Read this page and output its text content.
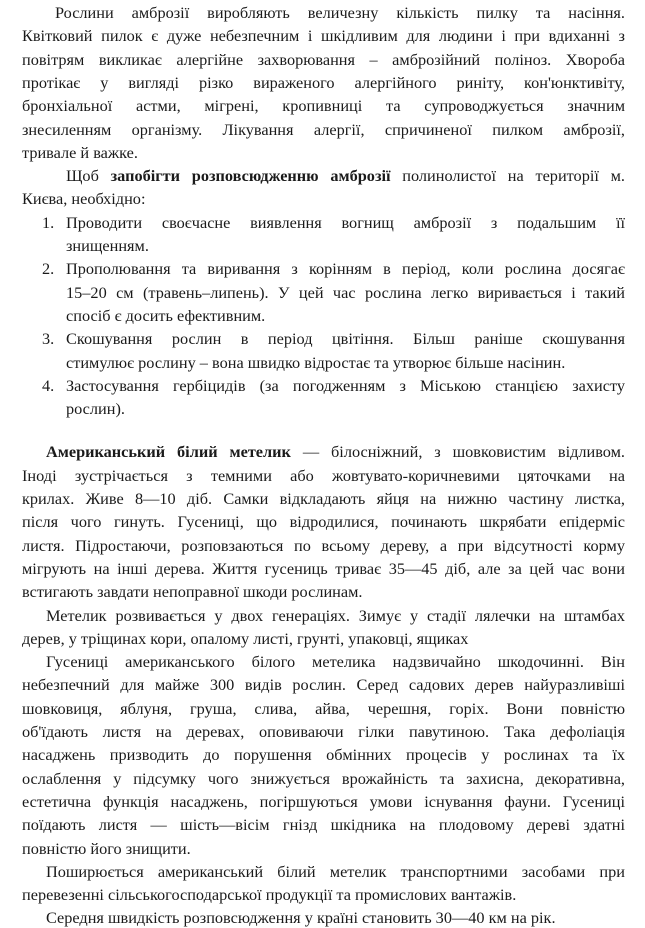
Рослини амброзії виробляють величезну кількість пилку та насіння.
Квітковий пилок є дуже небезпечним і шкідливим для людини і при вдиханні з
повітрям викликає алергійне захворювання – амброзійний поліноз. Хвороба
протікає у вигляді різко вираженого алергійного риніту, кон'юнктивіту,
бронхіальної астми, мігрені, кропивниці та супроводжується значним
знесиленням організму. Лікування алергії, спричиненої пилком амброзії,
тривале й важке.
Щоб запобігти розповсюдженню амброзії полинолистої на території м.
Києва, необхідно:
1. Проводити своєчасне виявлення вогнищ амброзії з подальшим її
знищенням.
2. Прополювання та виривання з корінням в період, коли рослина досягає
15–20 см (травень–липень). У цей час рослина легко виривається і такий
спосіб є досить ефективним.
3. Скошування рослин в період цвітіння. Більш раніше скошування
стимулює рослину – вона швидко відростає та утворює більше насінин.
4. Застосування гербіцидів (за погодженням з Міською станцією захисту
рослин).
Американський білий метелик — білосніжний, з шовковистим відливом.
Іноді зустрічається з темними або жовтувато-коричневими цяточками на
крилах. Живе 8—10 діб. Самки відкладають яйця на нижню частину листка,
після чого гинуть. Гусениці, що відродилися, починають шкрябати епідерміс
листя. Підростаючи, розповзаються по всьому дереву, а при відсутності корму
мігрують на інші дерева. Життя гусениць триває 35—45 діб, але за цей час вони
встигають завдати непоправної шкоди рослинам.
Метелик розвивається у двох генераціях. Зимує у стадії лялечки на штамбах
дерев, у тріщинах кори, опалому листі, грунті, упаковці, ящиках
Гусениці американського білого метелика надзвичайно шкодочинні. Він
небезпечний для майже 300 видів рослин. Серед садових дерев найуразливіші
шовковиця, яблуня, груша, слива, айва, черешня, горіх. Вони повністю
об'їдають листя на деревах, оповиваючи гілки павутиною. Така дефоліація
насаджень призводить до порушення обмінних процесів у рослинах та їх
ослаблення у підсумку чого знижується врожайність та захисна, декоративна,
естетична функція насаджень, погіршуються умови існування фауни. Гусениці
поїдають листя — шість—вісім гнізд шкідника на плодовому дереві здатні
повністю його знищити.
Поширюється американський білий метелик транспортними засобами при
перевезенні сільськогосподарської продукції та промислових вантажів.
Середня швидкість розповсюдження у країні становить 30—40 км на рік.
